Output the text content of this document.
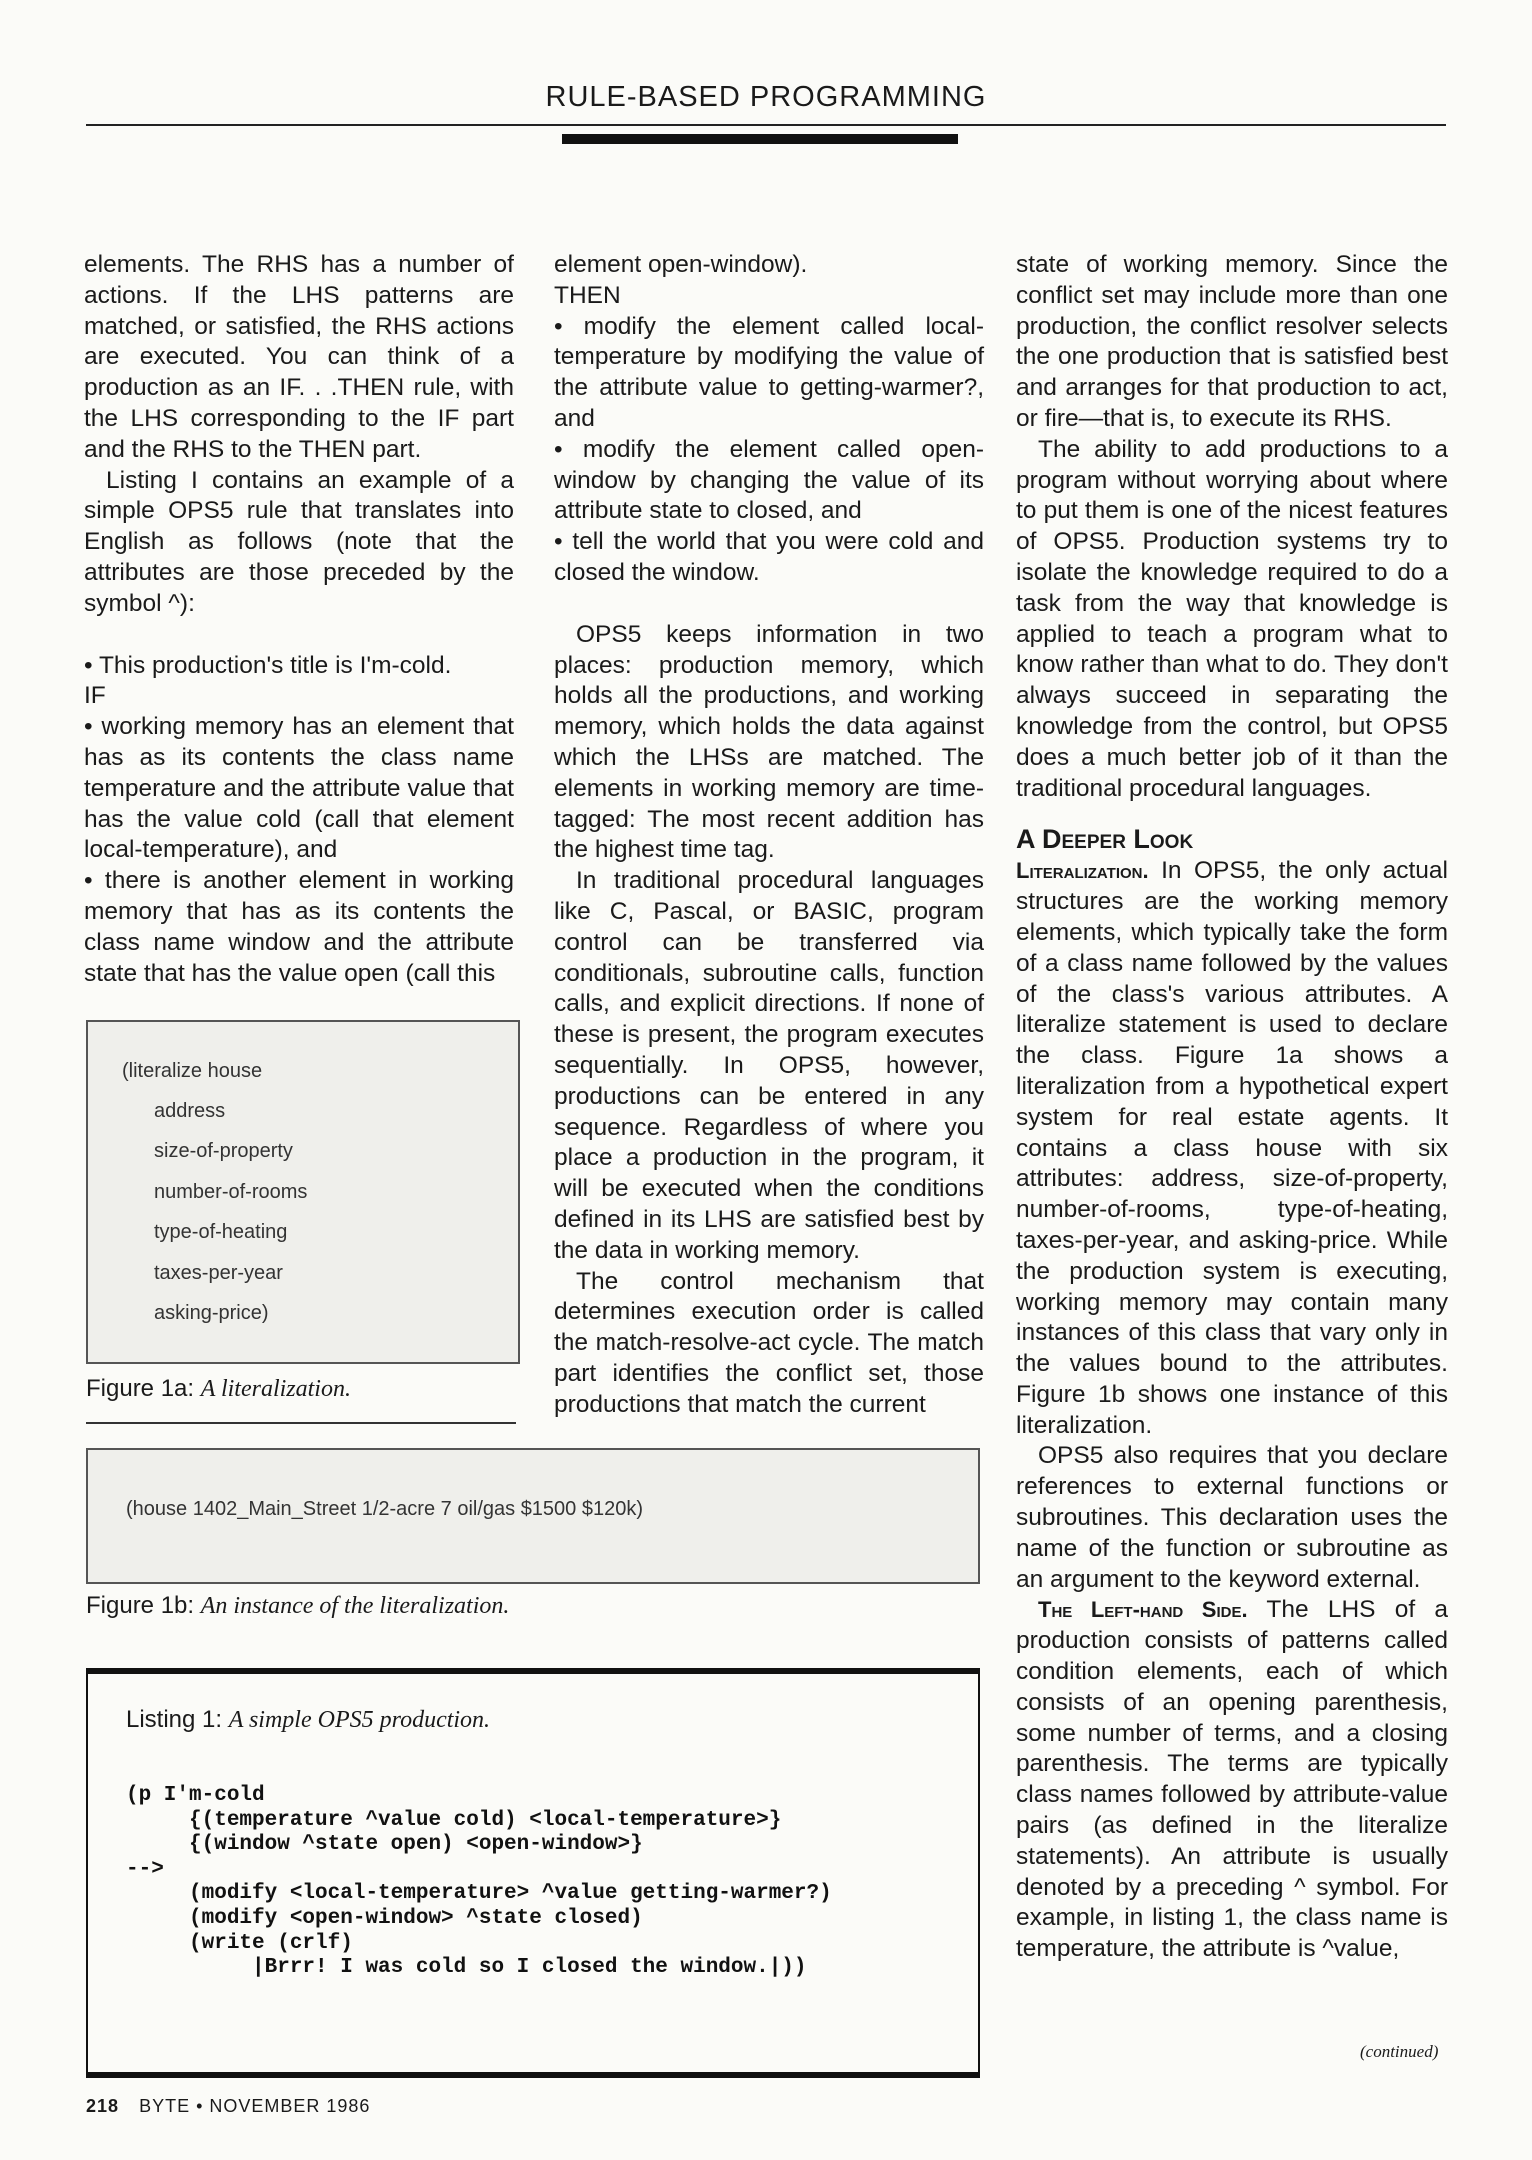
RULE-BASED PROGRAMMING

elements. The RHS has a number of actions. If the LHS patterns are matched, or satisfied, the RHS actions are executed. You can think of a production as an IF. . .THEN rule, with the LHS corresponding to the IF part and the RHS to the THEN part.

Listing I contains an example of a simple OPS5 rule that translates into English as follows (note that the attributes are those preceded by the symbol ^):

• This production's title is I'm-cold.

IF

• working memory has an element that has as its contents the class name temperature and the attribute value that has the value cold (call that element local-temperature), and

• there is another element in working memory that has as its contents the class name window and the attribute state that has the value open (call this

(literalize house
address
size-of-property
number-of-rooms
type-of-heating
taxes-per-year
asking-price)
Figure 1a: A literalization.

element open-window).

THEN

• modify the element called local-temperature by modifying the value of the attribute value to getting-warmer?, and

• modify the element called open-window by changing the value of its attribute state to closed, and

• tell the world that you were cold and closed the window.

OPS5 keeps information in two places: production memory, which holds all the productions, and working memory, which holds the data against which the LHSs are matched. The elements in working memory are time-tagged: The most recent addition has the highest time tag.

In traditional procedural languages like C, Pascal, or BASIC, program control can be transferred via conditionals, subroutine calls, function calls, and explicit directions. If none of these is present, the program executes sequentially. In OPS5, however, productions can be entered in any sequence. Regardless of where you place a production in the program, it will be executed when the conditions defined in its LHS are satisfied best by the data in working memory.

The control mechanism that determines execution order is called the match-resolve-act cycle. The match part identifies the conflict set, those productions that match the current

state of working memory. Since the conflict set may include more than one production, the conflict resolver selects the one production that is satisfied best and arranges for that production to act, or fire—that is, to execute its RHS.

The ability to add productions to a program without worrying about where to put them is one of the nicest features of OPS5. Production systems try to isolate the knowledge required to do a task from the way that knowledge is applied to teach a program what to know rather than what to do. They don't always succeed in separating the knowledge from the control, but OPS5 does a much better job of it than the traditional procedural languages.

A Deeper Look

Literalization. In OPS5, the only actual structures are the working memory elements, which typically take the form of a class name followed by the values of the class's various attributes. A literalize statement is used to declare the class. Figure 1a shows a literalization from a hypothetical expert system for real estate agents. It contains a class house with six attributes: address, size-of-property, number-of-rooms, type-of-heating, taxes-per-year, and asking-price. While the production system is executing, working memory may contain many instances of this class that vary only in the values bound to the attributes. Figure 1b shows one instance of this literalization.

OPS5 also requires that you declare references to external functions or subroutines. This declaration uses the name of the function or subroutine as an argument to the keyword external.

The Left-hand Side. The LHS of a production consists of patterns called condition elements, each of which consists of an opening parenthesis, some number of terms, and a closing parenthesis. The terms are typically class names followed by attribute-value pairs (as defined in the literalize statements). An attribute is usually denoted by a preceding ^ symbol. For example, in listing 1, the class name is temperature, the attribute is ^value,

(house 1402_Main_Street 1/2-acre 7 oil/gas $1500 $120k)
Figure 1b: An instance of the literalization.
Listing 1: A simple OPS5 production.
(p I'm-cold
{(temperature ^value cold) <local-temperature>}
{(window ^state open) <open-window>}
-->
(modify <local-temperature> ^value getting-warmer?)
(modify <open-window> ^state closed)
(write (crlf)
|Brrr! I was cold so I closed the window.|))
(continued)
218 BYTE • NOVEMBER 1986
